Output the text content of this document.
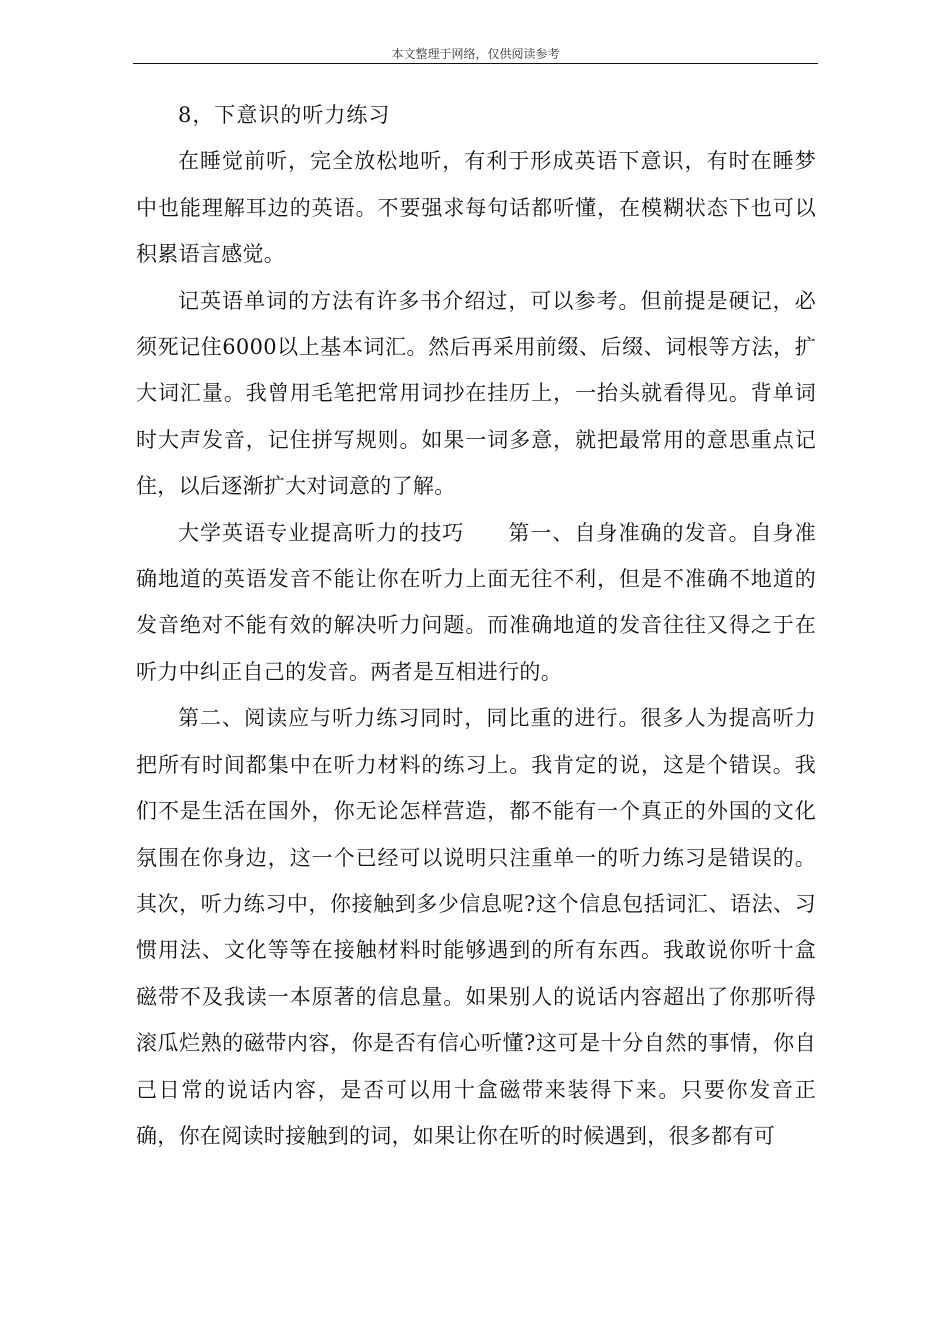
本文整理于网络，仅供阅读参考

8，下意识的听力练习

在睡觉前听，完全放松地听，有利于形成英语下意识，有时在睡梦中也能理解耳边的英语。不要强求每句话都听懂，在模糊状态下也可以积累语言感觉。

记英语单词的方法有许多书介绍过，可以参考。但前提是硬记，必须死记住6000以上基本词汇。然后再采用前缀、后缀、词根等方法，扩大词汇量。我曾用毛笔把常用词抄在挂历上，一抬头就看得见。背单词时大声发音，记住拼写规则。如果一词多意，就把最常用的意思重点记住，以后逐渐扩大对词意的了解。

大学英语专业提高听力的技巧　　第一、自身准确的发音。自身准确地道的英语发音不能让你在听力上面无往不利，但是不准确不地道的发音绝对不能有效的解决听力问题。而准确地道的发音往往又得之于在听力中纠正自己的发音。两者是互相进行的。

第二、阅读应与听力练习同时，同比重的进行。很多人为提高听力把所有时间都集中在听力材料的练习上。我肯定的说，这是个错误。我们不是生活在国外，你无论怎样营造，都不能有一个真正的外国的文化氛围在你身边，这一个已经可以说明只注重单一的听力练习是错误的。其次，听力练习中，你接触到多少信息呢?这个信息包括词汇、语法、习惯用法、文化等等在接触材料时能够遇到的所有东西。我敢说你听十盒磁带不及我读一本原著的信息量。如果别人的说话内容超出了你那听得滚瓜烂熟的磁带内容，你是否有信心听懂?这可是十分自然的事情，你自己日常的说话内容，是否可以用十盒磁带来装得下来。只要你发音正确，你在阅读时接触到的词，如果让你在听的时候遇到，很多都有可
